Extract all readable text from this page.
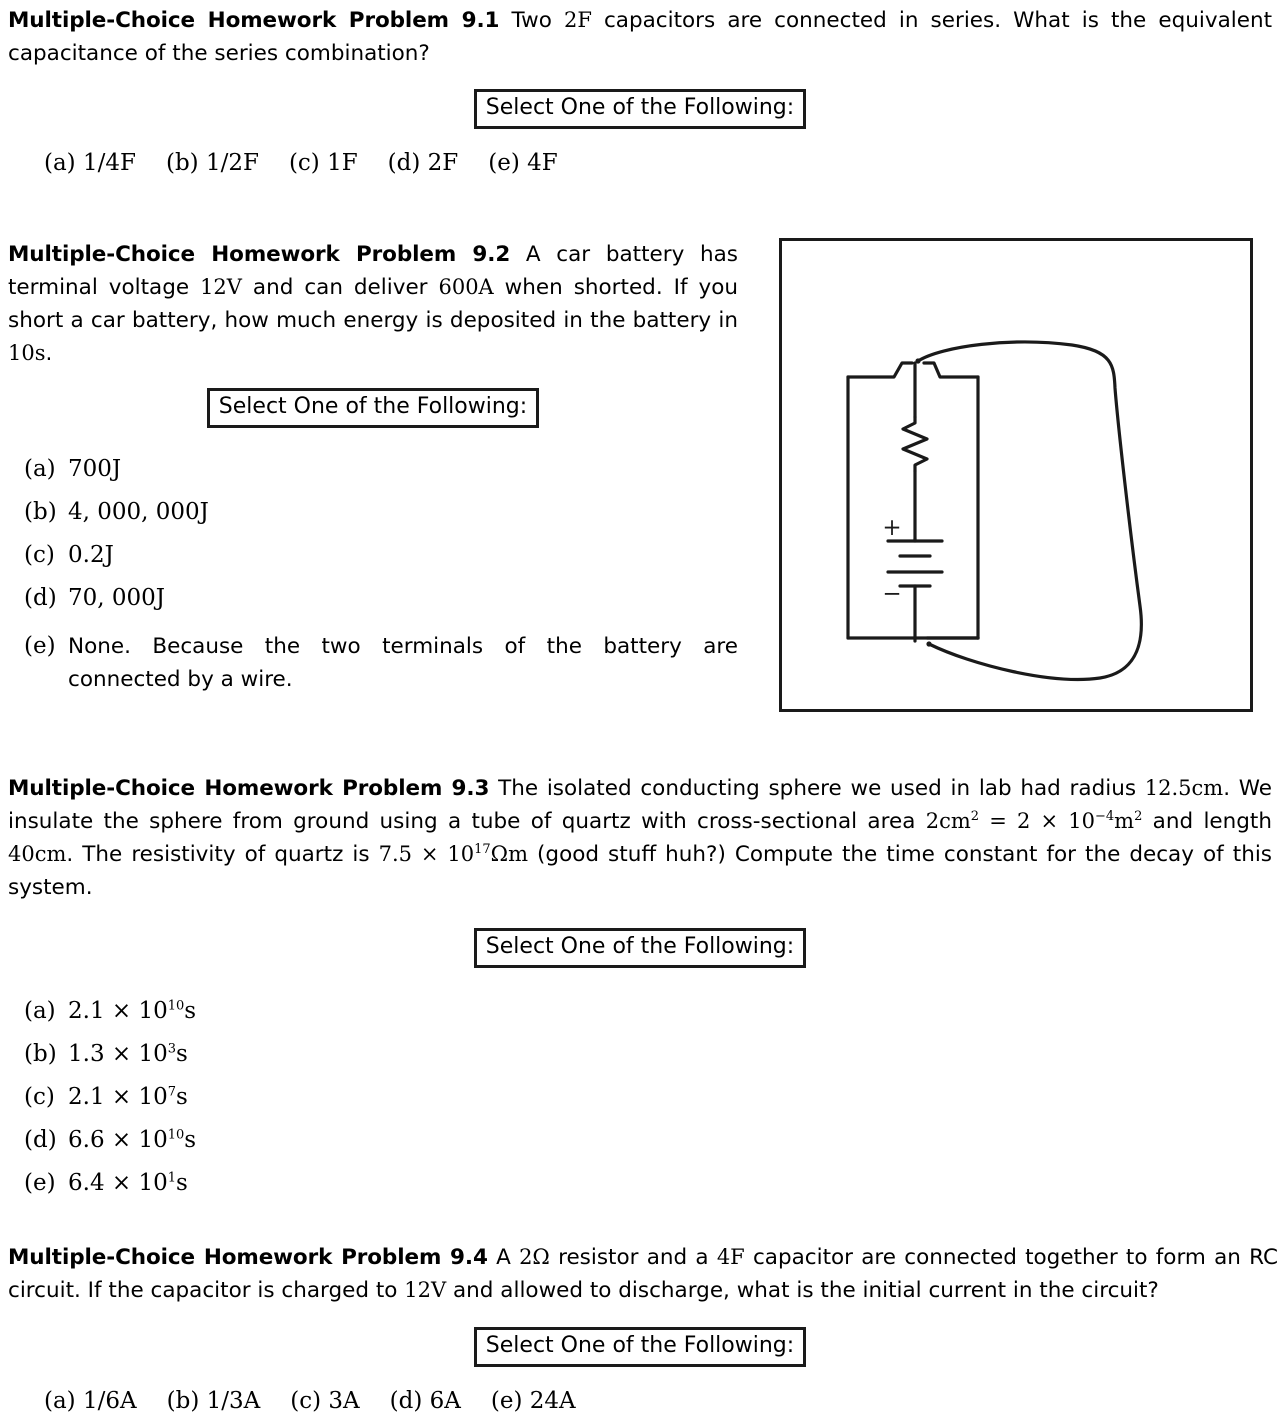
Multiple-Choice Homework Problem 9.1 Two 2F capacitors are connected in series. What is the equivalent capacitance of the series combination?
Select One of the Following:
(a) 1/4F (b) 1/2F (c) 1F (d) 2F (e) 4F
+
−
Multiple-Choice Homework Problem 9.2 A car battery has terminal voltage 12V and can deliver 600A when shorted. If you short a car battery, how much energy is deposited in the battery in 10s.
Select One of the Following:
(a) 700J
(b) 4, 000, 000J
(c) 0.2J
(d) 70, 000J
(e) None. Because the two terminals of the battery are connected by a wire.
Multiple-Choice Homework Problem 9.3 The isolated conducting sphere we used in lab had radius 12.5cm. We insulate the sphere from ground using a tube of quartz with cross-sectional area $2cm^2 = 2 \times 10^{-4}m^2$ and length 40cm. The resistivity of quartz is $7.5 \times 10^{17}\Omega m$ (good stuff huh?) Compute the time constant for the decay of this system.
Select One of the Following:
(a) $2.1 \times 10^{10}s$
(b) $1.3 \times 10^3s$
(c) $2.1 \times 10^7s$
(d) $6.6 \times 10^{10}s$
(e) $6.4 \times 10^1s$
Multiple-Choice Homework Problem 9.4 A 2Ω resistor and a 4F capacitor are connected together to form an RC circuit. If the capacitor is charged to 12V and allowed to discharge, what is the initial current in the circuit?
Select One of the Following:
(a) 1/6A (b) 1/3A (c) 3A (d) 6A (e) 24A
